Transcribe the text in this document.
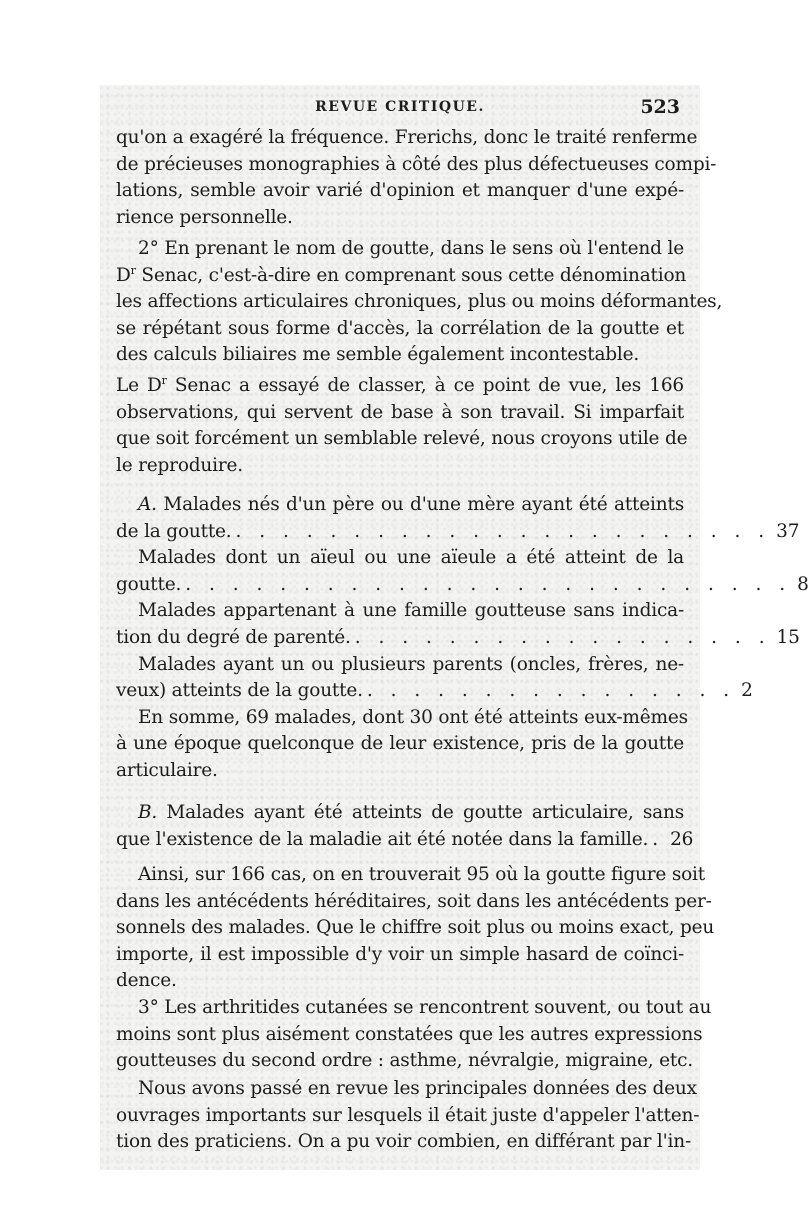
REVUE CRITIQUE.	523
qu'on a exagéré la fréquence. Frerichs, donc le traité renferme
de précieuses monographies à côté des plus défectueuses compi-
lations, semble avoir varié d'opinion et manquer d'une expé-
rience personnelle.
2° En prenant le nom de goutte, dans le sens où l'entend le
$D^r$ Senac, c'est-à-dire en comprenant sous cette dénomination
les affections articulaires chroniques, plus ou moins déformantes,
se répétant sous forme d'accès, la corrélation de la goutte et
des calculs biliaires me semble également incontestable.
Le $D^r$ Senac a essayé de classer, à ce point de vue, les 166
observations, qui servent de base à son travail. Si imparfait
que soit forcément un semblable relevé, nous croyons utile de
le reproduire.
A. Malades nés d'un père ou d'une mère ayant été atteints
de la goutte. . . . . . . . . . . . . . . . . . . . . . . . 37
Malades dont un aïeul ou une aïeule a été atteint de la
goutte. . . . . . . . . . . . . . . . . . . . . . . . . . . 8
Malades appartenant à une famille goutteuse sans indica-
tion du degré de parenté. . . . . . . . . . . . . . . . . . . 15
Malades ayant un ou plusieurs parents (oncles, frères, ne-
veux) atteints de la goutte. . . . . . . . . . . . . . . . . 2
En somme, 69 malades, dont 30 ont été atteints eux-mêmes
à une époque quelconque de leur existence, pris de la goutte
articulaire.
B. Malades ayant été atteints de goutte articulaire, sans
que l'existence de la maladie ait été notée dans la famille. . 26
Ainsi, sur 166 cas, on en trouverait 95 où la goutte figure soit
dans les antécédents héréditaires, soit dans les antécédents per-
sonnels des malades. Que le chiffre soit plus ou moins exact, peu
importe, il est impossible d'y voir un simple hasard de coïnci-
dence.
3° Les arthritides cutanées se rencontrent souvent, ou tout au
moins sont plus aisément constatées que les autres expressions
goutteuses du second ordre : asthme, névralgie, migraine, etc.
Nous avons passé en revue les principales données des deux
ouvrages importants sur lesquels il était juste d'appeler l'atten-
tion des praticiens. On a pu voir combien, en différant par l'in-
